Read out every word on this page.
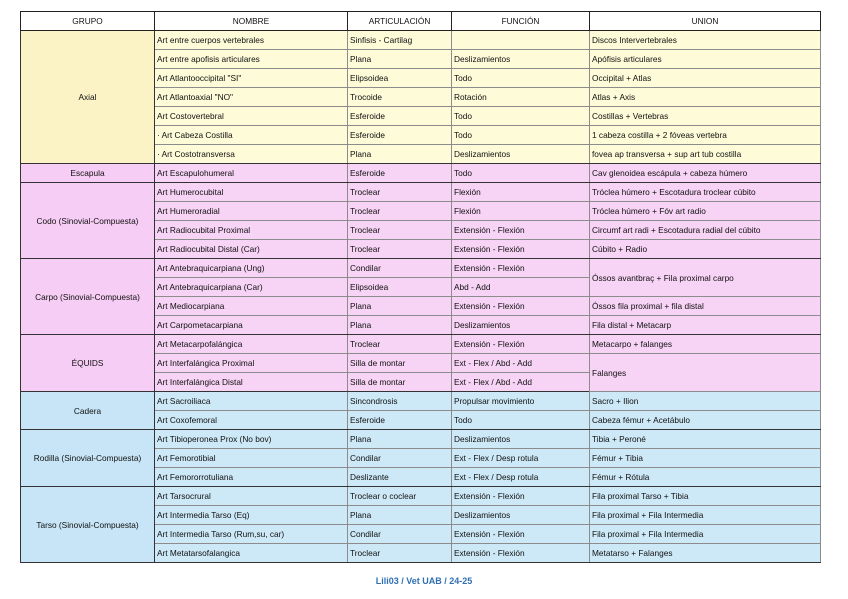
GRUPO	NOMBRE	ARTICULACIÓN	FUNCIÓN	UNION
Axial	Art entre cuerpos vertebrales	Sinfisis - Cartilag		Discos Intervertebrales
	Art entre apofisis articulares	Plana	Deslizamientos	Apófisis articulares
	Art Atlantooccipital "SI"	Elipsoidea	Todo	Occipital + Atlas
	Art Atlantoaxial "NO"	Trocoide	Rotación	Atlas + Axis
	Art Costovertebral	Esferoide	Todo	Costillas + Vertebras
	· Art Cabeza Costilla	Esferoide	Todo	1 cabeza costilla + 2 fóveas vertebra
	· Art Costotransversa	Plana	Deslizamientos	fovea ap transversa + sup art tub costilla
Escapula	Art Escapulohumeral	Esferoide	Todo	Cav glenoidea escápula + cabeza húmero
Codo (Sinovial-Compuesta)	Art Humerocubital	Troclear	Flexión	Tróclea húmero + Escotadura troclear cúbito
	Art Humeroradial	Troclear	Flexión	Tróclea húmero + Fóv art radio
	Art Radiocubital Proximal	Troclear	Extensión - Flexión	Circumf art radi + Escotadura radial del cúbito
	Art Radiocubital Distal (Car)	Troclear	Extensión - Flexión	Cúbito + Radio
Carpo (Sinovial-Compuesta)	Art Antebraquicarpiana (Ung)	Condilar	Extensión - Flexión	Óssos avantbraç + Fila proximal carpo
	Art Antebraquicarpiana (Car)	Elipsoidea	Abd - Add	
	Art Mediocarpiana	Plana	Extensión - Flexión	Óssos fila proximal + fila distal
	Art Carpometacarpiana	Plana	Deslizamientos	Fila distal + Metacarp
ÉQUIDS	Art Metacarpofalángica	Troclear	Extensión - Flexión	Metacarpo + falanges
	Art Interfalángica Proximal	Silla de montar	Ext - Flex / Abd - Add	Falanges
	Art Interfalángica Distal	Silla de montar	Ext - Flex / Abd - Add	
Cadera	Art Sacroiliaca	Sincondrosis	Propulsar movimiento	Sacro + Ilion
	Art Coxofemoral	Esferoide	Todo	Cabeza fémur + Acetábulo
Rodilla (Sinovial-Compuesta)	Art Tibioperonea Prox (No bov)	Plana	Deslizamientos	Tibia + Peroné
	Art Femorotibial	Condilar	Ext - Flex / Desp rotula	Fémur + Tibia
	Art Femororrotuliana	Deslizante	Ext - Flex / Desp rotula	Fémur + Rótula
Tarso (Sinovial-Compuesta)	Art Tarsocrural	Troclear o coclear	Extensión - Flexión	Fila proximal Tarso + Tibia
	Art Intermedia Tarso (Eq)	Plana	Deslizamientos	Fila proximal + Fila Intermedia
	Art Intermedia Tarso (Rum,su, car)	Condilar	Extensión - Flexión	Fila proximal + Fila Intermedia
	Art Metatarsofalangica	Troclear	Extensión - Flexión	Metatarso + Falanges
Lili03 / Vet UAB / 24-25
